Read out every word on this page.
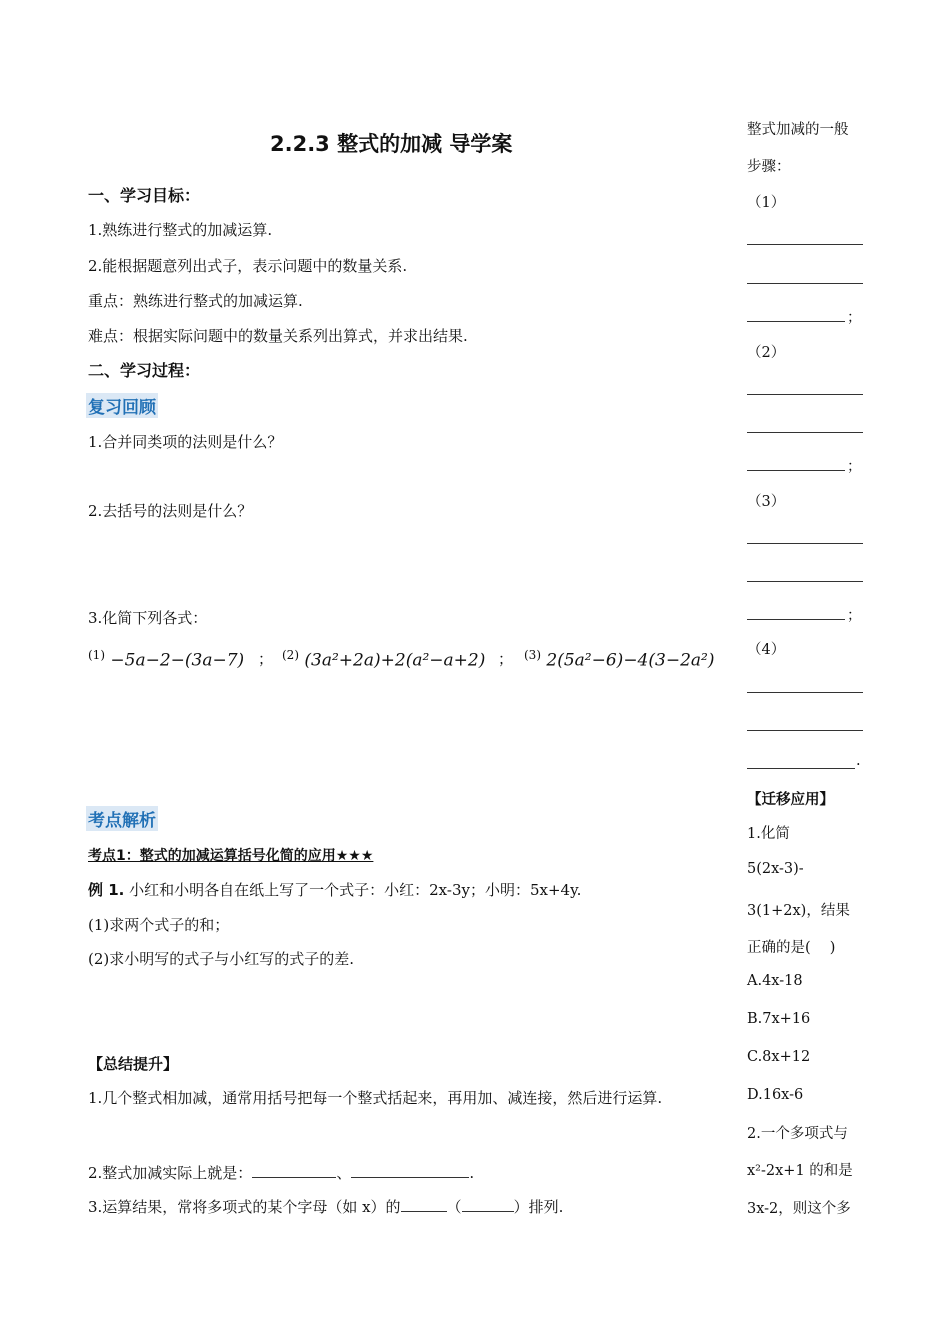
2.2.3 整式的加减 导学案
一、学习目标：
1.熟练进行整式的加减运算.
2.能根据题意列出式子，表示问题中的数量关系.
重点：熟练进行整式的加减运算.
难点：根据实际问题中的数量关系列出算式，并求出结果.
二、学习过程：
复习回顾
1.合并同类项的法则是什么？
2.去括号的法则是什么？
3.化简下列各式：
$^{(1)}$ −5a−2−(3a−7) ； $^{(2)}$ (3a²+2a)+2(a²−a+2) ； $^{(3)}$ 2(5a²−6)−4(3−2a²)
考点解析
考点1：整式的加减运算括号化简的应用★★★
例 1. 小红和小明各自在纸上写了一个式子：小红：2x-3y；小明：5x+4y.
(1)求两个式子的和；
(2)求小明写的式子与小红写的式子的差.
【总结提升】
1.几个整式相加减，通常用括号把每一个整式括起来，再用加、减连接，然后进行运算.
2.整式加减实际上就是：	、	.
3.运算结果，常将多项式的某个字母（如 x）的	（	）排列.
整式加减的一般
步骤：
（1）
；
（2）
；
（3）
；
（4）
.
【迁移应用】
1.化简
5(2x-3)-
3(1+2x)，结果
正确的是(　 )
A.4x-18
B.7x+16
C.8x+12
D.16x-6
2.一个多项式与
x²-2x+1 的和是
3x-2，则这个多
